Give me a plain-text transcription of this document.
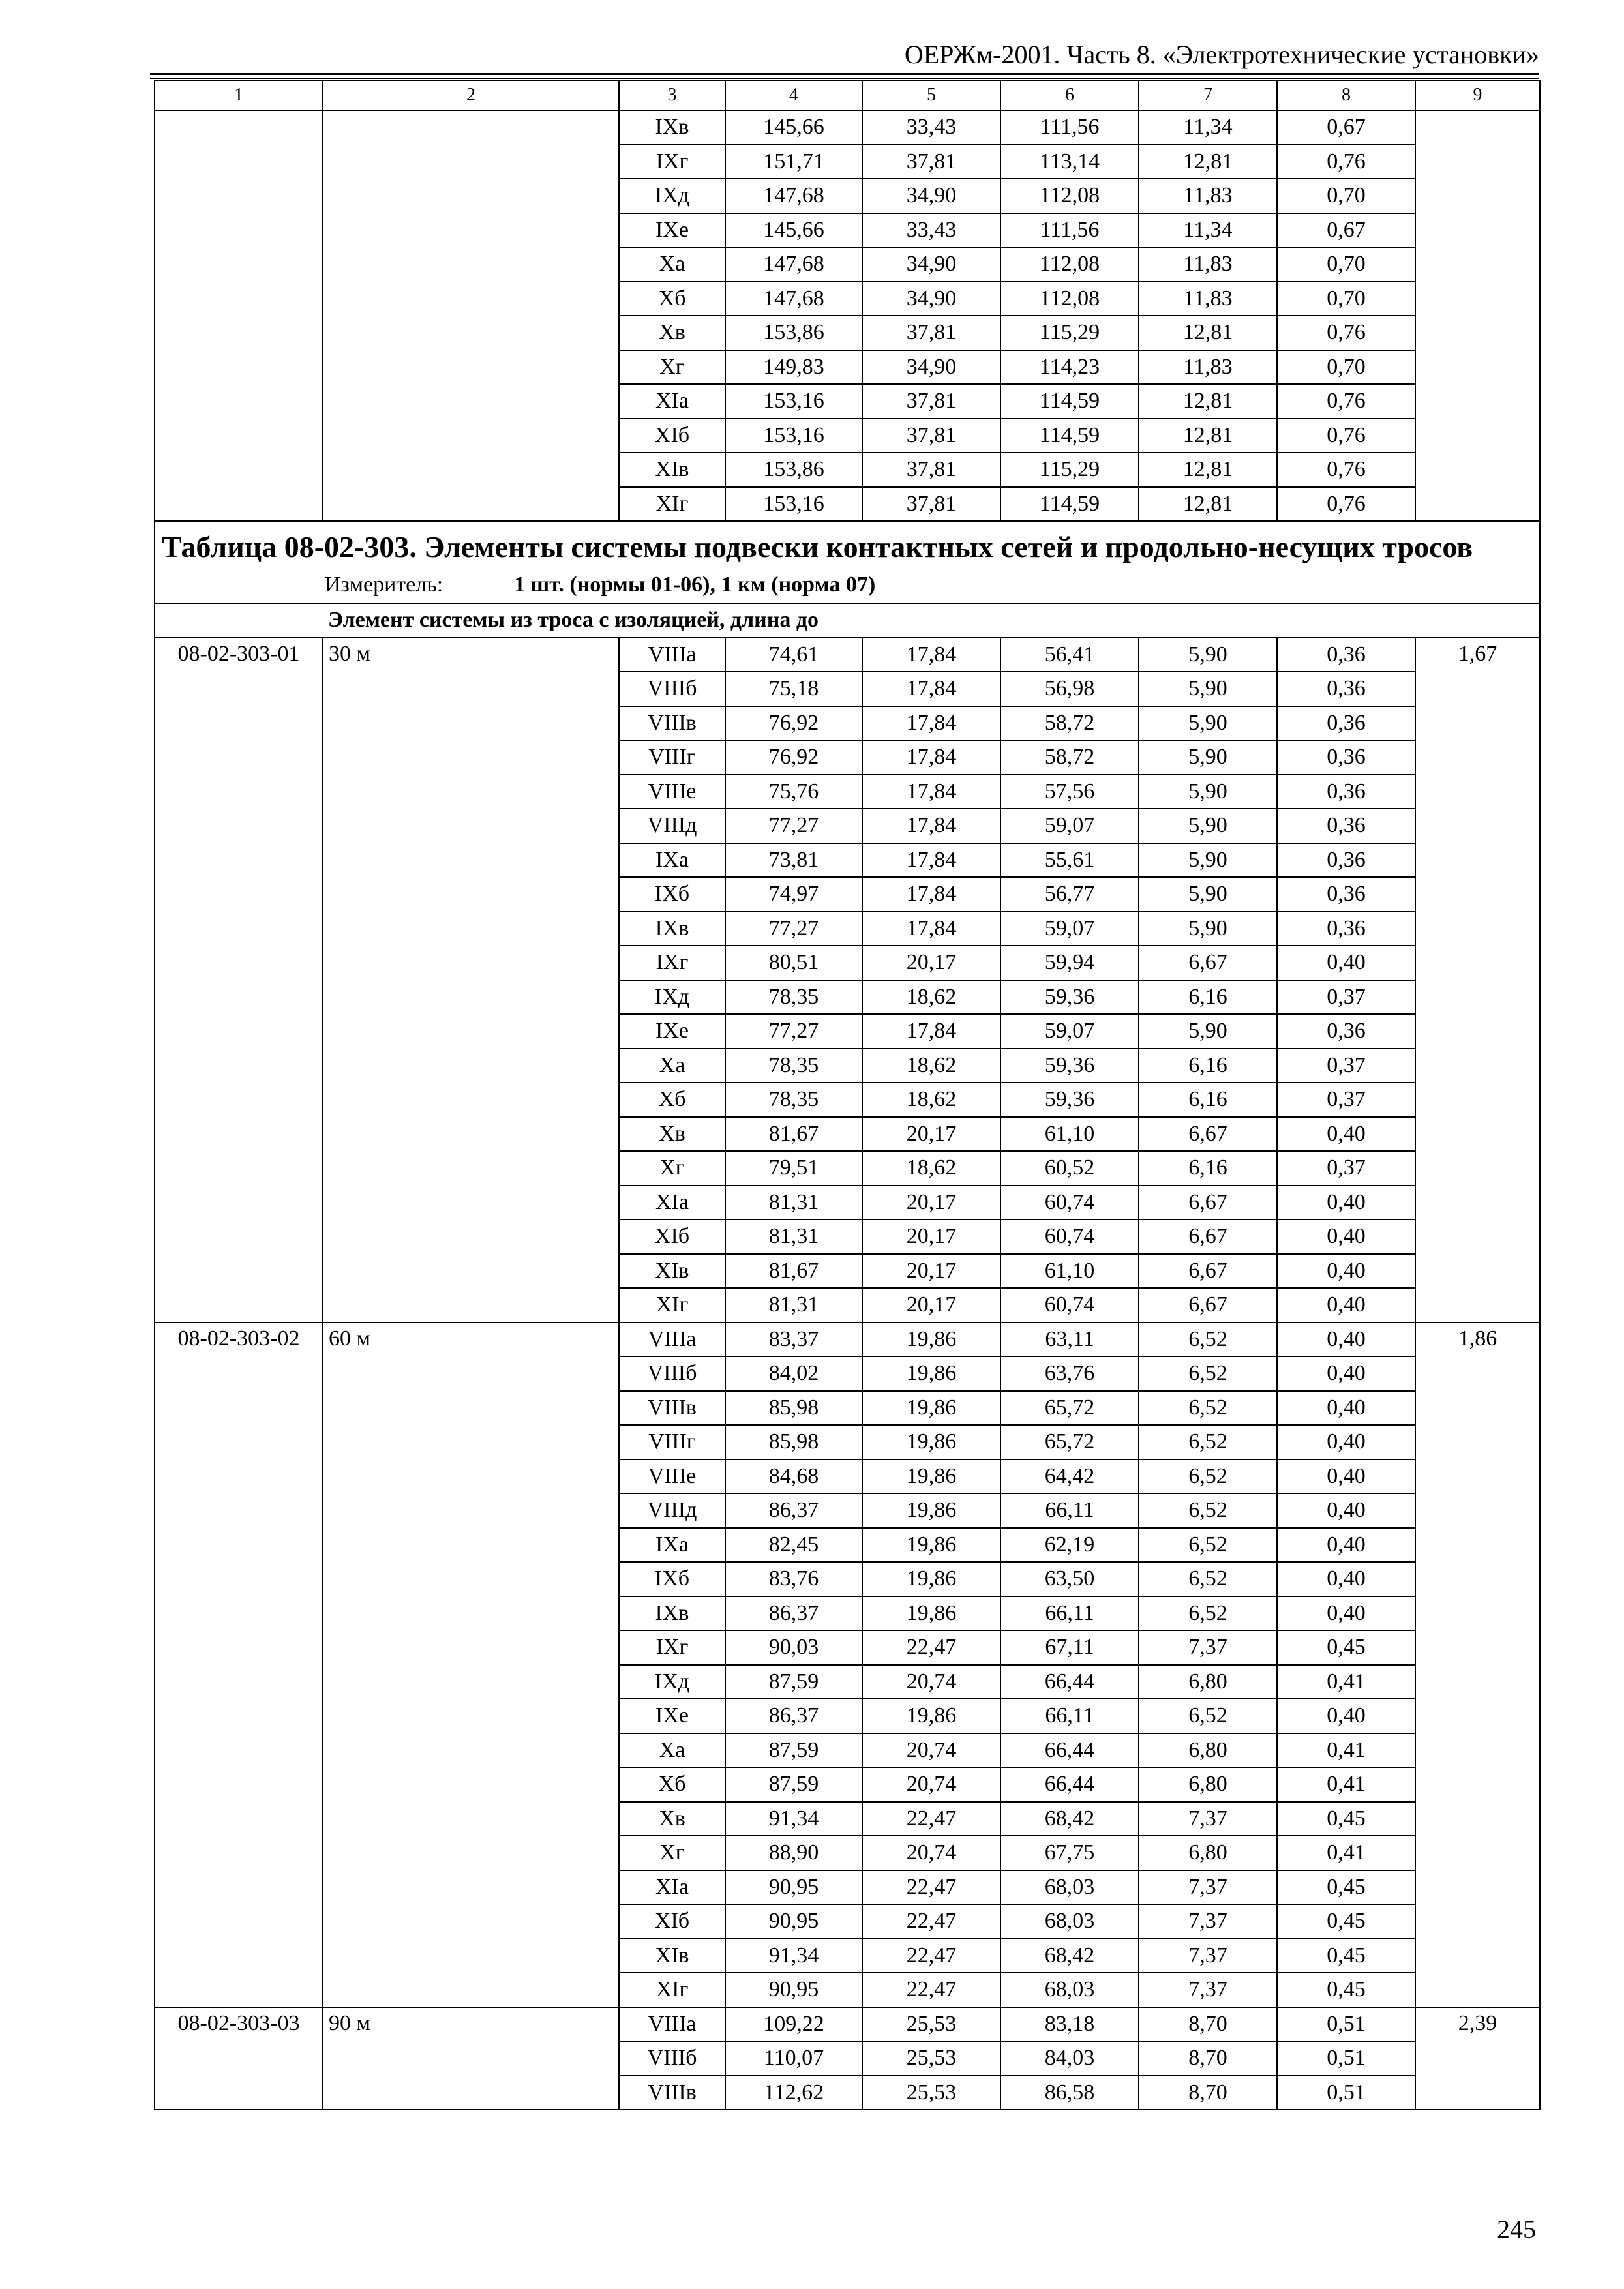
ОЕРЖм-2001. Часть 8. «Электротехнические установки»
1	2	3	4	5	6	7	8	9
		IXв	145,66	33,43	111,56	11,34	0,67	
		IXг	151,71	37,81	113,14	12,81	0,76	
		IXд	147,68	34,90	112,08	11,83	0,70	
		IXе	145,66	33,43	111,56	11,34	0,67	
		Xa	147,68	34,90	112,08	11,83	0,70	
		Xб	147,68	34,90	112,08	11,83	0,70	
		Xв	153,86	37,81	115,29	12,81	0,76	
		Xг	149,83	34,90	114,23	11,83	0,70	
		XIa	153,16	37,81	114,59	12,81	0,76	
		XIб	153,16	37,81	114,59	12,81	0,76	
		XIв	153,86	37,81	115,29	12,81	0,76	
		XIг	153,16	37,81	114,59	12,81	0,76	

Таблица 08-02-303. Элементы системы подвески контактных сетей и продольно-несущих тросов
Измеритель: 1 шт. (нормы 01-06), 1 км (норма 07)								

Элемент системы из троса с изоляцией, длина до								
08-02-303-01	30 м	VIIIa	74,61	17,84	56,41	5,90	0,36	1,67
		VIIIб	75,18	17,84	56,98	5,90	0,36	
		VIIIв	76,92	17,84	58,72	5,90	0,36	
		VIIIг	76,92	17,84	58,72	5,90	0,36	
		VIIIе	75,76	17,84	57,56	5,90	0,36	
		VIIIд	77,27	17,84	59,07	5,90	0,36	
		IXa	73,81	17,84	55,61	5,90	0,36	
		IXб	74,97	17,84	56,77	5,90	0,36	
		IXв	77,27	17,84	59,07	5,90	0,36	
		IXг	80,51	20,17	59,94	6,67	0,40	
		IXд	78,35	18,62	59,36	6,16	0,37	
		IXе	77,27	17,84	59,07	5,90	0,36	
		Xa	78,35	18,62	59,36	6,16	0,37	
		Xб	78,35	18,62	59,36	6,16	0,37	
		Xв	81,67	20,17	61,10	6,67	0,40	
		Xг	79,51	18,62	60,52	6,16	0,37	
		XIa	81,31	20,17	60,74	6,67	0,40	
		XIб	81,31	20,17	60,74	6,67	0,40	
		XIв	81,67	20,17	61,10	6,67	0,40	
		XIг	81,31	20,17	60,74	6,67	0,40	
08-02-303-02	60 м	VIIIa	83,37	19,86	63,11	6,52	0,40	1,86
		VIIIб	84,02	19,86	63,76	6,52	0,40	
		VIIIв	85,98	19,86	65,72	6,52	0,40	
		VIIIг	85,98	19,86	65,72	6,52	0,40	
		VIIIе	84,68	19,86	64,42	6,52	0,40	
		VIIIд	86,37	19,86	66,11	6,52	0,40	
		IXa	82,45	19,86	62,19	6,52	0,40	
		IXб	83,76	19,86	63,50	6,52	0,40	
		IXв	86,37	19,86	66,11	6,52	0,40	
		IXг	90,03	22,47	67,11	7,37	0,45	
		IXд	87,59	20,74	66,44	6,80	0,41	
		IXе	86,37	19,86	66,11	6,52	0,40	
		Xa	87,59	20,74	66,44	6,80	0,41	
		Xб	87,59	20,74	66,44	6,80	0,41	
		Xв	91,34	22,47	68,42	7,37	0,45	
		Xг	88,90	20,74	67,75	6,80	0,41	
		XIa	90,95	22,47	68,03	7,37	0,45	
		XIб	90,95	22,47	68,03	7,37	0,45	
		XIв	91,34	22,47	68,42	7,37	0,45	
		XIг	90,95	22,47	68,03	7,37	0,45	
08-02-303-03	90 м	VIIIa	109,22	25,53	83,18	8,70	0,51	2,39
		VIIIб	110,07	25,53	84,03	8,70	0,51	
		VIIIв	112,62	25,53	86,58	8,70	0,51	
245
